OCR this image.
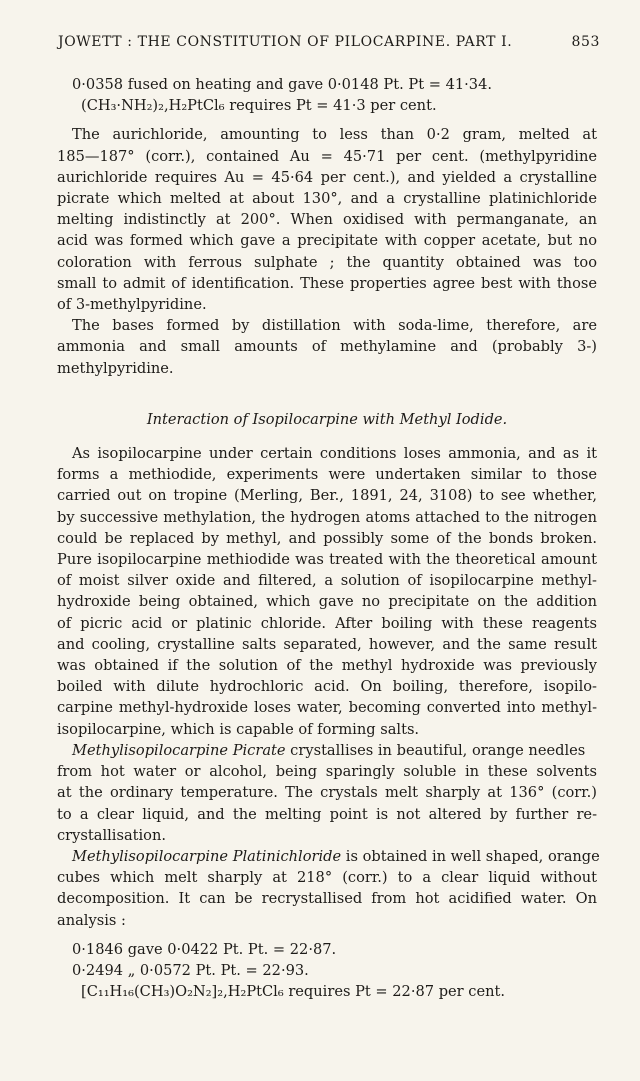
JOWETT : THE CONSTITUTION OF PILOCARPINE. PART I.	853
0·0358 fused on heating and gave 0·0148 Pt. Pt = 41·34.
(CH₃·NH₂)₂,H₂PtCl₆ requires Pt = 41·3 per cent.
The aurichloride, amounting to less than 0·2 gram, melted at
185—187° (corr.), contained Au = 45·71 per cent. (methylpyridine
aurichloride requires Au = 45·64 per cent.), and yielded a crystalline
picrate which melted at about 130°, and a crystalline platinichloride
melting indistinctly at 200°. When oxidised with permanganate, an
acid was formed which gave a precipitate with copper acetate, but no
coloration with ferrous sulphate ; the quantity obtained was too
small to admit of identification. These properties agree best with those
of 3-methylpyridine.
The bases formed by distillation with soda-lime, therefore, are
ammonia and small amounts of methylamine and (probably 3-)
methylpyridine.
Interaction of Isopilocarpine with Methyl Iodide.
As isopilocarpine under certain conditions loses ammonia, and as it
forms a methiodide, experiments were undertaken similar to those
carried out on tropine (Merling, Ber., 1891, 24, 3108) to see whether,
by successive methylation, the hydrogen atoms attached to the nitrogen
could be replaced by methyl, and possibly some of the bonds broken.
Pure isopilocarpine methiodide was treated with the theoretical amount
of moist silver oxide and filtered, a solution of isopilocarpine methyl-
hydroxide being obtained, which gave no precipitate on the addition
of picric acid or platinic chloride. After boiling with these reagents
and cooling, crystalline salts separated, however, and the same result
was obtained if the solution of the methyl hydroxide was previously
boiled with dilute hydrochloric acid. On boiling, therefore, isopilo-
carpine methyl-hydroxide loses water, becoming converted into methyl-
isopilocarpine, which is capable of forming salts.
Methylisopilocarpine Picrate crystallises in beautiful, orange needles
from hot water or alcohol, being sparingly soluble in these solvents
at the ordinary temperature. The crystals melt sharply at 136° (corr.)
to a clear liquid, and the melting point is not altered by further re-
crystallisation.
Methylisopilocarpine Platinichloride is obtained in well shaped, orange
cubes which melt sharply at 218° (corr.) to a clear liquid without
decomposition. It can be recrystallised from hot acidified water. On
analysis :
0·1846 gave 0·0422 Pt. Pt. = 22·87.
0·2494 „ 0·0572 Pt. Pt. = 22·93.
[C₁₁H₁₆(CH₃)O₂N₂]₂,H₂PtCl₆ requires Pt = 22·87 per cent.
